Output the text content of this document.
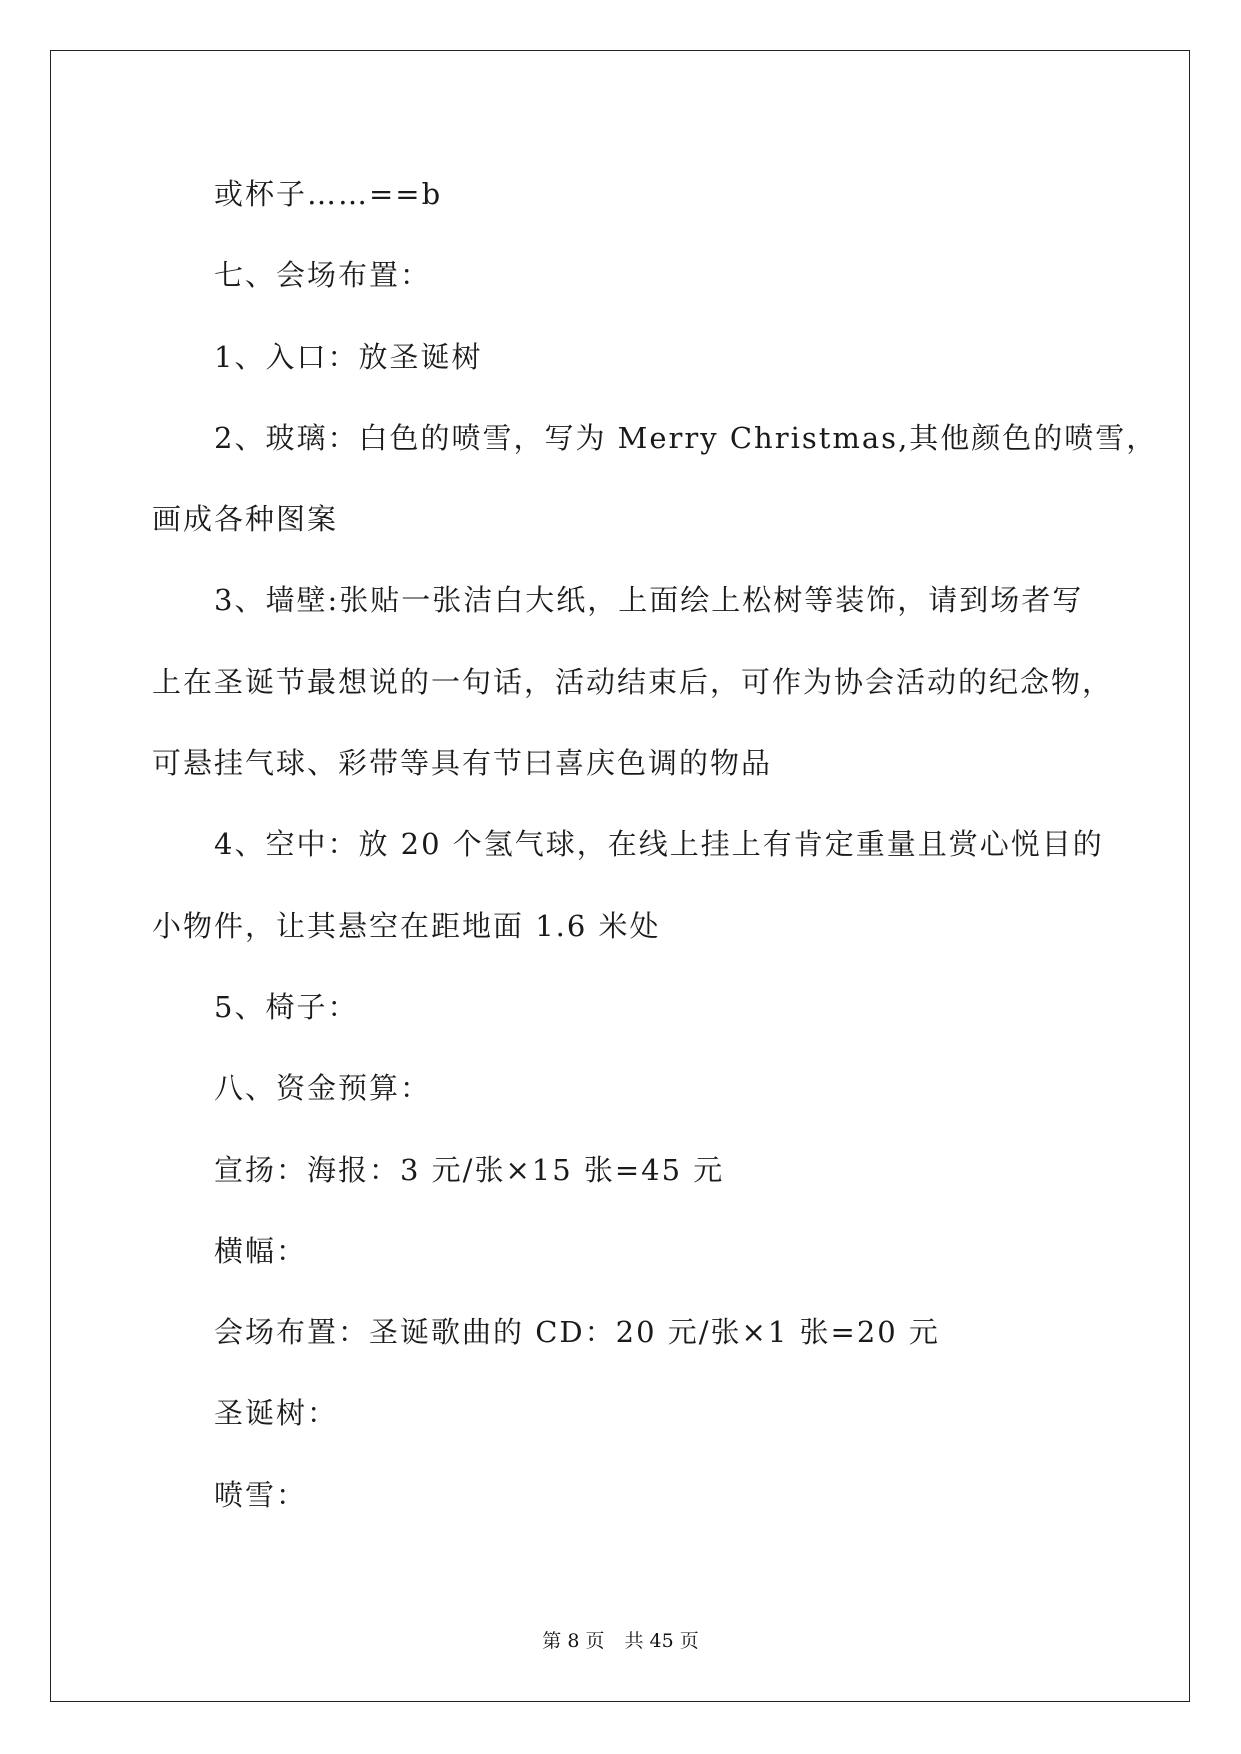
或杯子……==b
七、会场布置：
1、入口：放圣诞树
2、玻璃：白色的喷雪，写为 Merry Christmas,其他颜色的喷雪，
画成各种图案
3、墙壁:张贴一张洁白大纸，上面绘上松树等装饰，请到场者写
上在圣诞节最想说的一句话，活动结束后，可作为协会活动的纪念物，
可悬挂气球、彩带等具有节曰喜庆色调的物品
4、空中：放 20 个氢气球，在线上挂上有肯定重量且赏心悦目的
小物件，让其悬空在距地面 1.6 米处
5、椅子：
八、资金预算：
宣扬：海报：3 元/张×15 张=45 元
横幅：
会场布置：圣诞歌曲的 CD：20 元/张×1 张=20 元
圣诞树：
喷雪：
第 8 页 共 45 页
